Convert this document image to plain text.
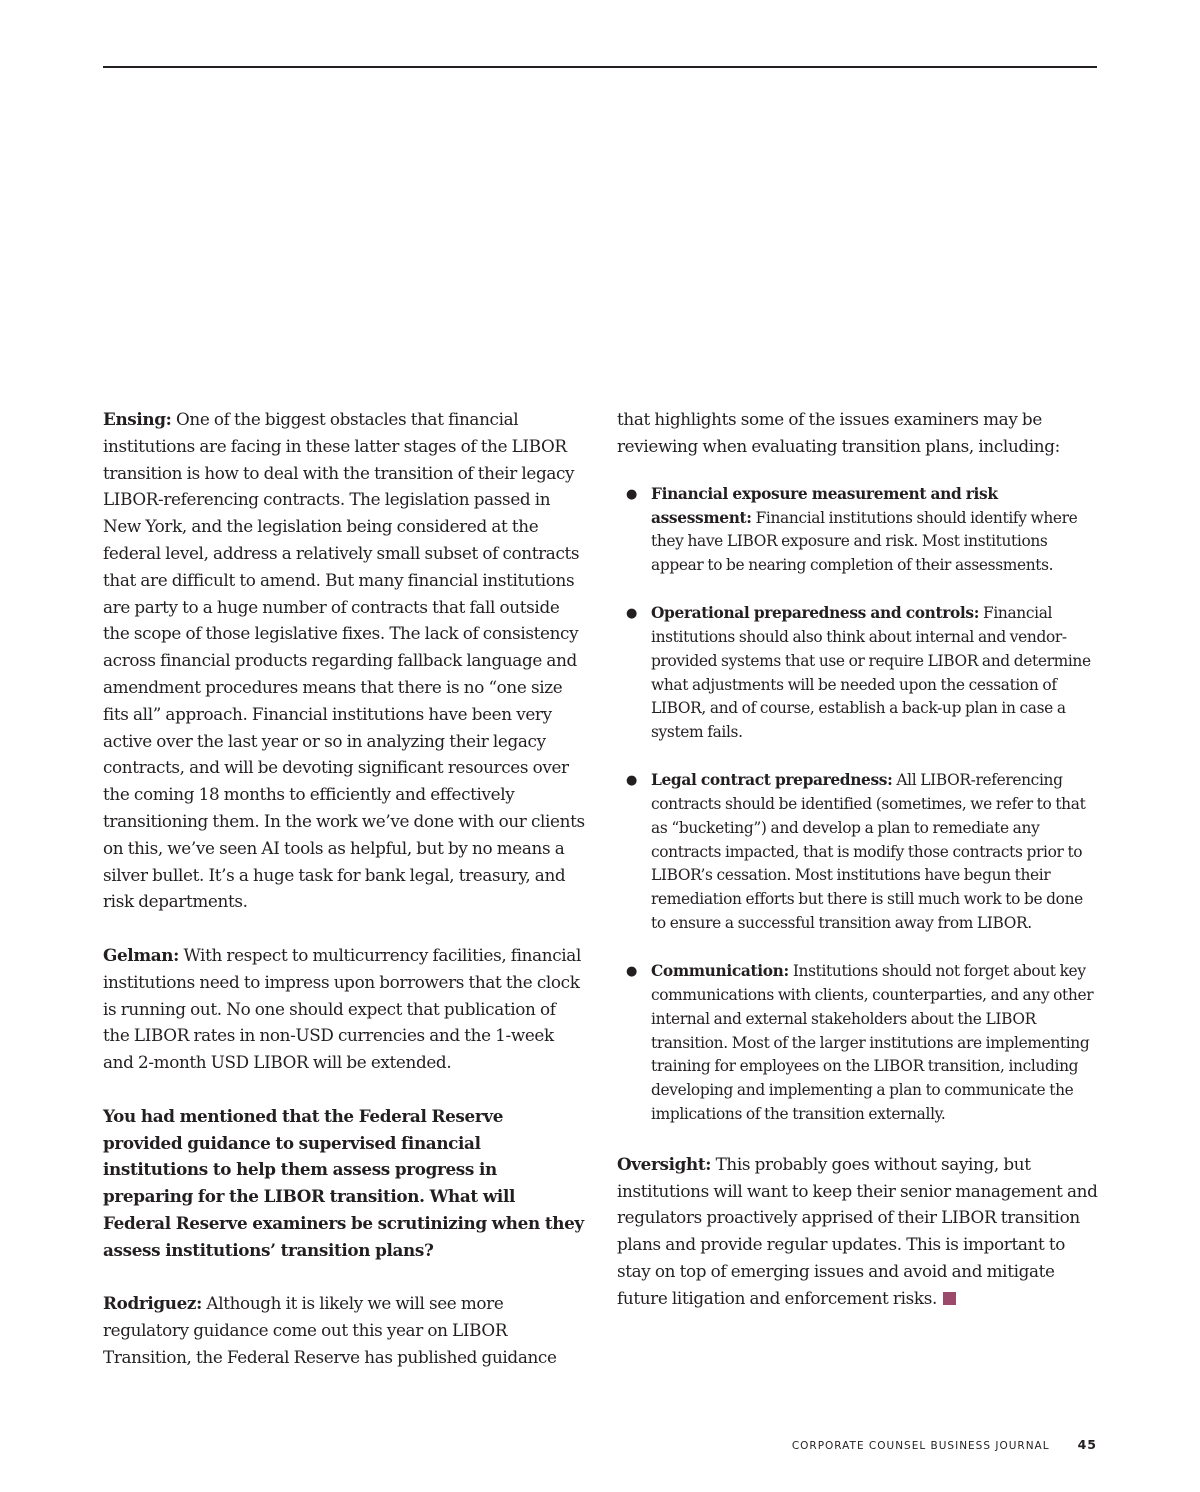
Ensing: One of the biggest obstacles that financial institutions are facing in these latter stages of the LIBOR transition is how to deal with the transition of their legacy LIBOR-referencing contracts. The legislation passed in New York, and the legislation being considered at the federal level, address a relatively small subset of contracts that are difficult to amend. But many financial institutions are party to a huge number of contracts that fall outside the scope of those legislative fixes. The lack of consistency across financial products regarding fallback language and amendment procedures means that there is no “one size fits all” approach. Financial institutions have been very active over the last year or so in analyzing their legacy contracts, and will be devoting significant resources over the coming 18 months to efficiently and effectively transitioning them. In the work we’ve done with our clients on this, we’ve seen AI tools as helpful, but by no means a silver bullet. It’s a huge task for bank legal, treasury, and risk departments.

Gelman: With respect to multicurrency facilities, financial institutions need to impress upon borrowers that the clock is running out. No one should expect that publication of the LIBOR rates in non-USD currencies and the 1-week and 2-month USD LIBOR will be extended.

You had mentioned that the Federal Reserve provided guidance to supervised financial institutions to help them assess progress in preparing for the LIBOR transition. What will Federal Reserve examiners be scrutinizing when they assess institutions’ transition plans?

Rodriguez: Although it is likely we will see more regulatory guidance come out this year on LIBOR Transition, the Federal Reserve has published guidance

that highlights some of the issues examiners may be reviewing when evaluating transition plans, including:

● Financial exposure measurement and risk assessment: Financial institutions should identify where they have LIBOR exposure and risk. Most institutions appear to be nearing completion of their assessments.
● Operational preparedness and controls: Financial institutions should also think about internal and vendor-provided systems that use or require LIBOR and determine what adjustments will be needed upon the cessation of LIBOR, and of course, establish a back-up plan in case a system fails.
● Legal contract preparedness: All LIBOR-referencing contracts should be identified (sometimes, we refer to that as “bucketing”) and develop a plan to remediate any contracts impacted, that is modify those contracts prior to LIBOR’s cessation. Most institutions have begun their remediation efforts but there is still much work to be done to ensure a successful transition away from LIBOR.
● Communication: Institutions should not forget about key communications with clients, counterparties, and any other internal and external stakeholders about the LIBOR transition. Most of the larger institutions are implementing training for employees on the LIBOR transition, including developing and implementing a plan to communicate the implications of the transition externally.

Oversight: This probably goes without saying, but institutions will want to keep their senior management and regulators proactively apprised of their LIBOR transition plans and provide regular updates. This is important to stay on top of emerging issues and avoid and mitigate future litigation and enforcement risks.

CORPORATE COUNSEL BUSINESS JOURNAL 45
